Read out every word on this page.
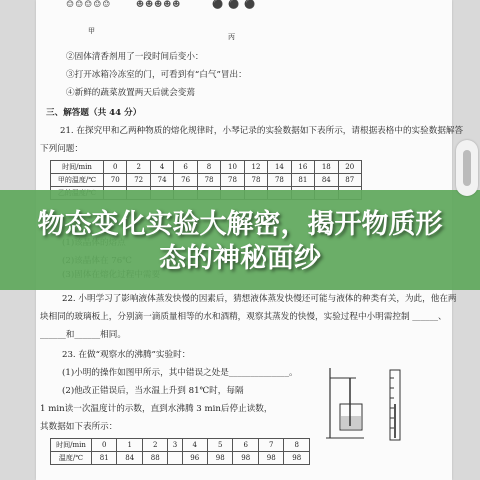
☺☺☺☺☺	☻☻☻☻☻	⚫ ⚫ ⚫
甲
丙
②固体清香剂用了一段时间后变小：
③打开冰箱冷冻室的门，可看到有“白气”冒出：
④新鲜的蔬菜放置两天后就会变蔫
三、解答题（共 44 分）
21. 在探究甲和乙两种物质的熔化规律时，小琴记录的实验数据如下表所示，请根据表格中的实验数据解答
下列问题：
时间/min	0	2	4	6	8	10	12	14	16	18	20
甲的温度/℃	70	72	74	76	78	78	78	78	81	84	87

22. 小明学习了影响液体蒸发快慢的因素后，猜想液体蒸发快慢还可能与液体的种类有关，为此，他在两
块相同的玻璃板上，分别滴一滴质量相等的水和酒精，观察其蒸发的快慢，实验过程中小明需控制 ______、
______和______相同。
23. 在做“观察水的沸腾”实验时：
(1)小明的操作如图甲所示，其中错误之处是______________。
(2)他改正错误后，当水温上升到 81℃时，每隔
1 min读一次温度计的示数，直到水沸腾 3 min后停止读数，
其数据如下表所示：
时间/min	0	1	2	3	4	5	6	7	8
温度/℃	81	84	88		96	98	98	98	98
物态变化实验大解密，揭开物质形态的神秘面纱
